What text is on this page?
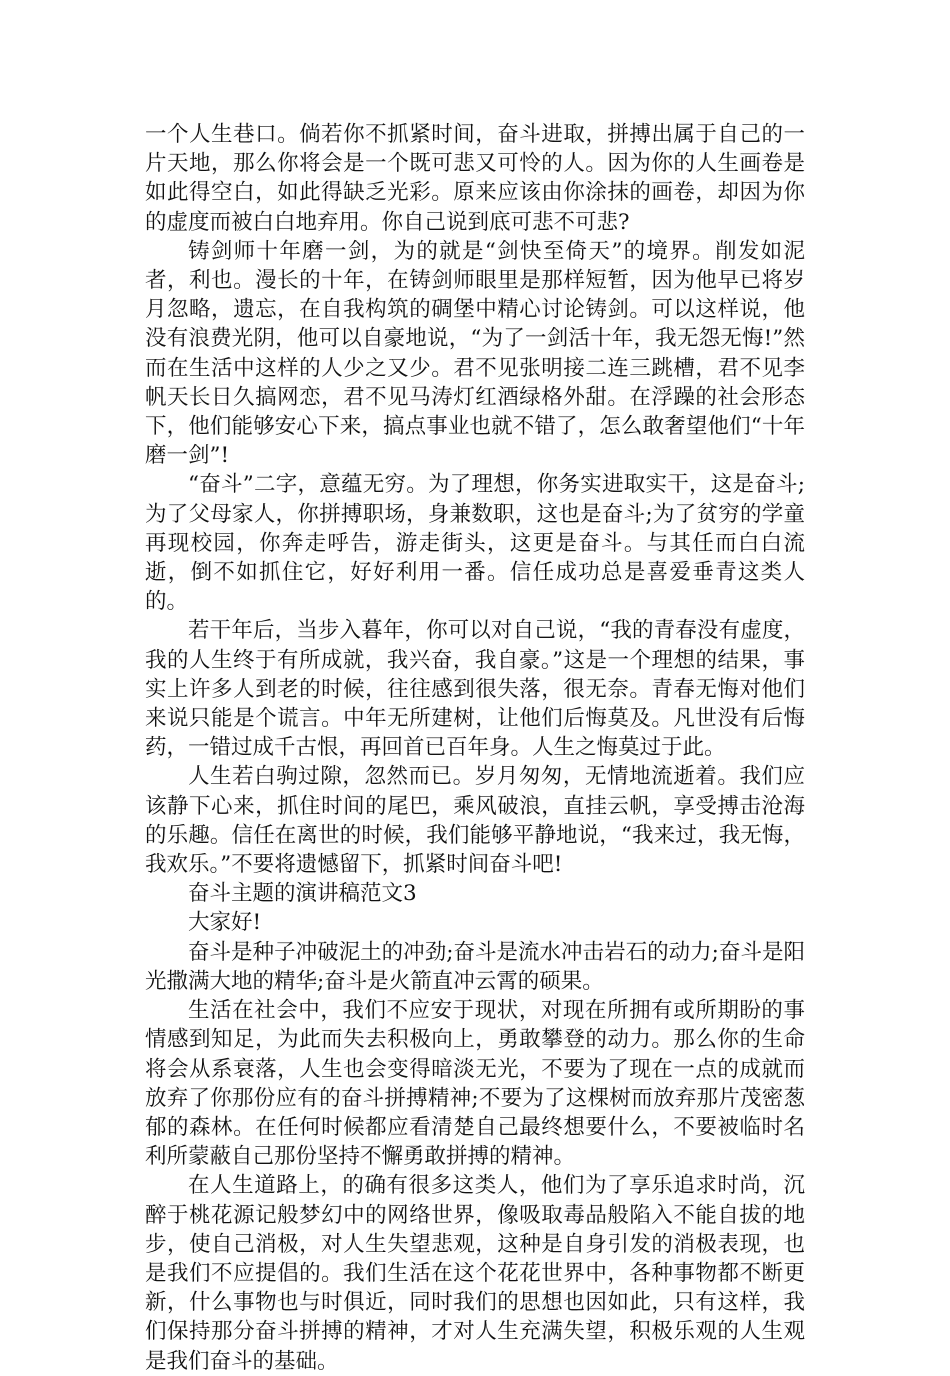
一个人生巷口。倘若你不抓紧时间，奋斗进取，拼搏出属于自己的一片天地，那么你将会是一个既可悲又可怜的人。因为你的人生画卷是如此得空白，如此得缺乏光彩。原来应该由你涂抹的画卷，却因为你的虚度而被白白地弃用。你自己说到底可悲不可悲?

铸剑师十年磨一剑，为的就是“剑快至倚天”的境界。削发如泥者，利也。漫长的十年，在铸剑师眼里是那样短暂，因为他早已将岁月忽略，遗忘，在自我构筑的碉堡中精心讨论铸剑。可以这样说，他没有浪费光阴，他可以自豪地说，“为了一剑活十年，我无怨无悔!”然而在生活中这样的人少之又少。君不见张明接二连三跳槽，君不见李帆天长日久搞网恋，君不见马涛灯红酒绿格外甜。在浮躁的社会形态下，他们能够安心下来，搞点事业也就不错了，怎么敢奢望他们“十年磨一剑”!

“奋斗”二字，意蕴无穷。为了理想，你务实进取实干，这是奋斗;为了父母家人，你拼搏职场，身兼数职，这也是奋斗;为了贫穷的学童再现校园，你奔走呼告，游走街头，这更是奋斗。与其任而白白流逝，倒不如抓住它，好好利用一番。信任成功总是喜爱垂青这类人的。

若干年后，当步入暮年，你可以对自己说，“我的青春没有虚度，我的人生终于有所成就，我兴奋，我自豪。”这是一个理想的结果，事实上许多人到老的时候，往往感到很失落，很无奈。青春无悔对他们来说只能是个谎言。中年无所建树，让他们后悔莫及。凡世没有后悔药，一错过成千古恨，再回首已百年身。人生之悔莫过于此。

人生若白驹过隙，忽然而已。岁月匆匆，无情地流逝着。我们应该静下心来，抓住时间的尾巴，乘风破浪，直挂云帆，享受搏击沧海的乐趣。信任在离世的时候，我们能够平静地说，“我来过，我无悔，我欢乐。”不要将遗憾留下，抓紧时间奋斗吧!

奋斗主题的演讲稿范文3

大家好!

奋斗是种子冲破泥土的冲劲;奋斗是流水冲击岩石的动力;奋斗是阳光撒满大地的精华;奋斗是火箭直冲云霄的硕果。

生活在社会中，我们不应安于现状，对现在所拥有或所期盼的事情感到知足，为此而失去积极向上，勇敢攀登的动力。那么你的生命将会从系衰落，人生也会变得暗淡无光，不要为了现在一点的成就而放弃了你那份应有的奋斗拼搏精神;不要为了这棵树而放弃那片茂密葱郁的森林。在任何时候都应看清楚自己最终想要什么，不要被临时名利所蒙蔽自己那份坚持不懈勇敢拼搏的精神。

在人生道路上，的确有很多这类人，他们为了享乐追求时尚，沉醉于桃花源记般梦幻中的网络世界，像吸取毒品般陷入不能自拔的地步，使自己消极，对人生失望悲观，这种是自身引发的消极表现，也是我们不应提倡的。我们生活在这个花花世界中，各种事物都不断更新，什么事物也与时俱近，同时我们的思想也因如此，只有这样，我们保持那分奋斗拼搏的精神，才对人生充满失望，积极乐观的人生观是我们奋斗的基础。
